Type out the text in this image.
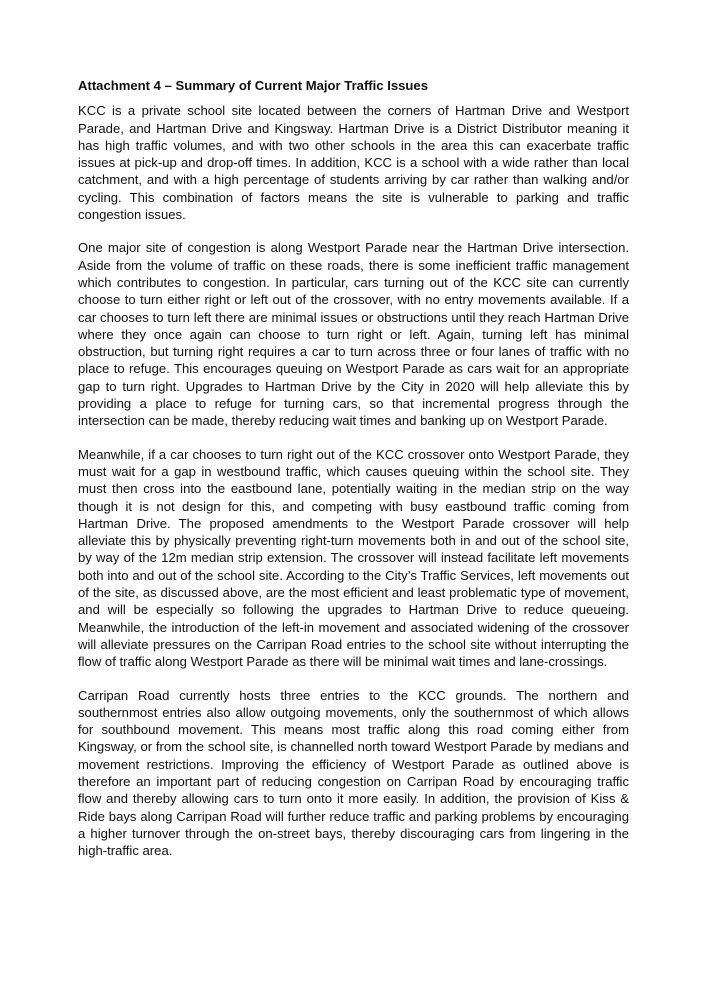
Attachment 4 – Summary of Current Major Traffic Issues

KCC is a private school site located between the corners of Hartman Drive and Westport Parade, and Hartman Drive and Kingsway. Hartman Drive is a District Distributor meaning it has high traffic volumes, and with two other schools in the area this can exacerbate traffic issues at pick-up and drop-off times. In addition, KCC is a school with a wide rather than local catchment, and with a high percentage of students arriving by car rather than walking and/or cycling. This combination of factors means the site is vulnerable to parking and traffic congestion issues.

One major site of congestion is along Westport Parade near the Hartman Drive intersection. Aside from the volume of traffic on these roads, there is some inefficient traffic management which contributes to congestion. In particular, cars turning out of the KCC site can currently choose to turn either right or left out of the crossover, with no entry movements available. If a car chooses to turn left there are minimal issues or obstructions until they reach Hartman Drive where they once again can choose to turn right or left. Again, turning left has minimal obstruction, but turning right requires a car to turn across three or four lanes of traffic with no place to refuge. This encourages queuing on Westport Parade as cars wait for an appropriate gap to turn right. Upgrades to Hartman Drive by the City in 2020 will help alleviate this by providing a place to refuge for turning cars, so that incremental progress through the intersection can be made, thereby reducing wait times and banking up on Westport Parade.

Meanwhile, if a car chooses to turn right out of the KCC crossover onto Westport Parade, they must wait for a gap in westbound traffic, which causes queuing within the school site. They must then cross into the eastbound lane, potentially waiting in the median strip on the way though it is not design for this, and competing with busy eastbound traffic coming from Hartman Drive. The proposed amendments to the Westport Parade crossover will help alleviate this by physically preventing right-turn movements both in and out of the school site, by way of the 12m median strip extension. The crossover will instead facilitate left movements both into and out of the school site. According to the City’s Traffic Services, left movements out of the site, as discussed above, are the most efficient and least problematic type of movement, and will be especially so following the upgrades to Hartman Drive to reduce queueing. Meanwhile, the introduction of the left-in movement and associated widening of the crossover will alleviate pressures on the Carripan Road entries to the school site without interrupting the flow of traffic along Westport Parade as there will be minimal wait times and lane-crossings.

Carripan Road currently hosts three entries to the KCC grounds. The northern and southernmost entries also allow outgoing movements, only the southernmost of which allows for southbound movement. This means most traffic along this road coming either from Kingsway, or from the school site, is channelled north toward Westport Parade by medians and movement restrictions. Improving the efficiency of Westport Parade as outlined above is therefore an important part of reducing congestion on Carripan Road by encouraging traffic flow and thereby allowing cars to turn onto it more easily. In addition, the provision of Kiss & Ride bays along Carripan Road will further reduce traffic and parking problems by encouraging a higher turnover through the on-street bays, thereby discouraging cars from lingering in the high-traffic area.
